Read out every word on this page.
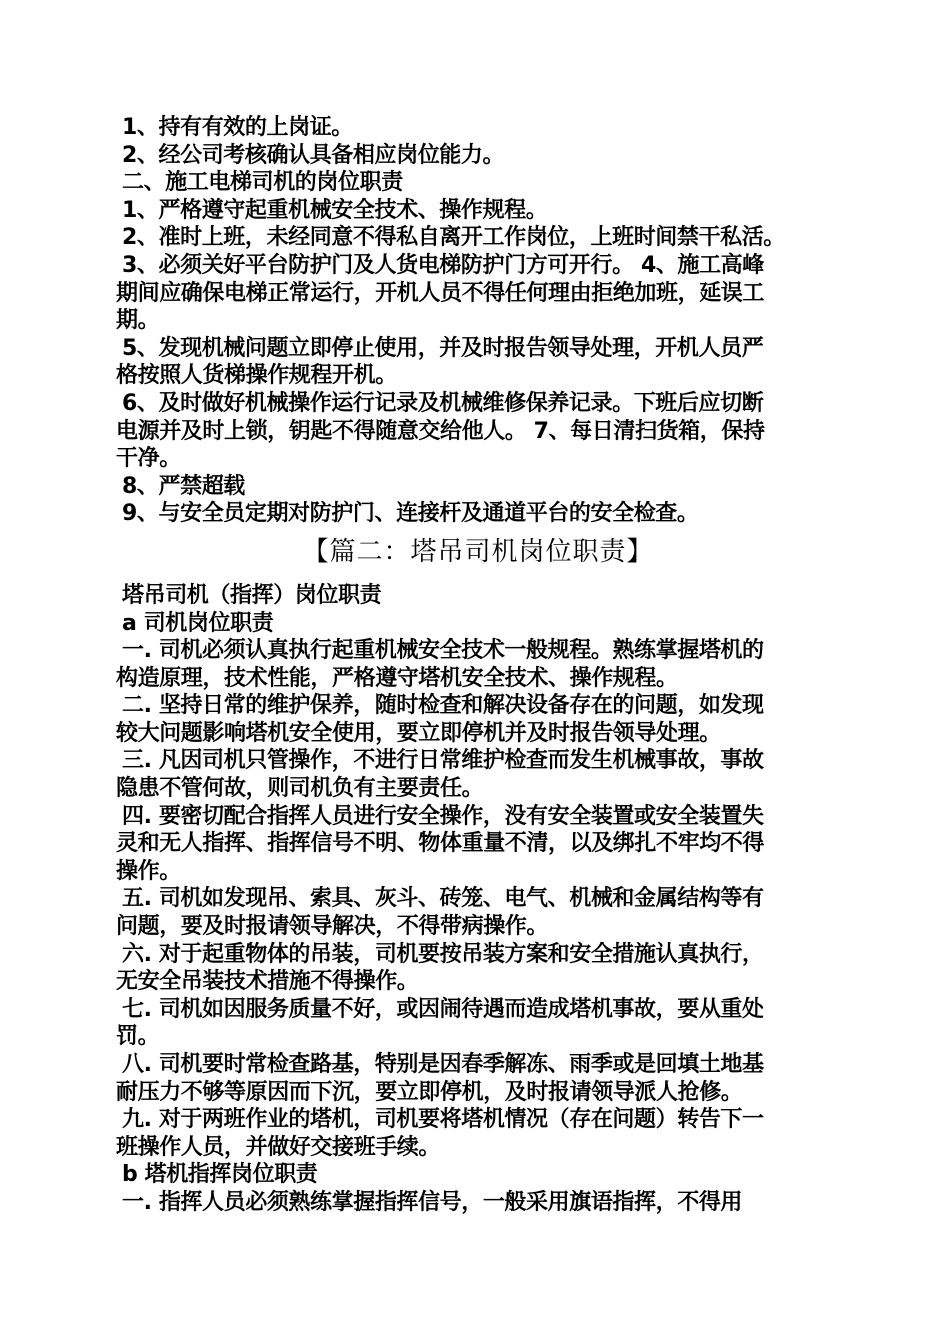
1、持有有效的上岗证。
2、经公司考核确认具备相应岗位能力。
二、施工电梯司机的岗位职责
1、严格遵守起重机械安全技术、操作规程。
2、准时上班，未经同意不得私自离开工作岗位，上班时间禁干私活。
3、必须关好平台防护门及人货电梯防护门方可开行。 4、施工高峰
期间应确保电梯正常运行，开机人员不得任何理由拒绝加班，延误工
期。
5、发现机械问题立即停止使用，并及时报告领导处理，开机人员严
格按照人货梯操作规程开机。
6、及时做好机械操作运行记录及机械维修保养记录。下班后应切断
电源并及时上锁，钥匙不得随意交给他人。 7、每日清扫货箱，保持
干净。
8、严禁超载
9、与安全员定期对防护门、连接杆及通道平台的安全检查。
【篇二：塔吊司机岗位职责】
塔吊司机（指挥）岗位职责
a 司机岗位职责
一. 司机必须认真执行起重机械安全技术一般规程。熟练掌握塔机的
构造原理，技术性能，严格遵守塔机安全技术、操作规程。
二. 坚持日常的维护保养，随时检查和解决设备存在的问题，如发现
较大问题影响塔机安全使用，要立即停机并及时报告领导处理。
三. 凡因司机只管操作，不进行日常维护检查而发生机械事故，事故
隐患不管何故，则司机负有主要责任。
四. 要密切配合指挥人员进行安全操作，没有安全装置或安全装置失
灵和无人指挥、指挥信号不明、物体重量不清，以及绑扎不牢均不得
操作。
五. 司机如发现吊、索具、灰斗、砖笼、电气、机械和金属结构等有
问题，要及时报请领导解决，不得带病操作。
六. 对于起重物体的吊装，司机要按吊装方案和安全措施认真执行，
无安全吊装技术措施不得操作。
七. 司机如因服务质量不好，或因闹待遇而造成塔机事故，要从重处
罚。
八. 司机要时常检查路基，特别是因春季解冻、雨季或是回填土地基
耐压力不够等原因而下沉，要立即停机，及时报请领导派人抢修。
九. 对于两班作业的塔机，司机要将塔机情况（存在问题）转告下一
班操作人员，并做好交接班手续。
b 塔机指挥岗位职责
一. 指挥人员必须熟练掌握指挥信号，一般采用旗语指挥，不得用
